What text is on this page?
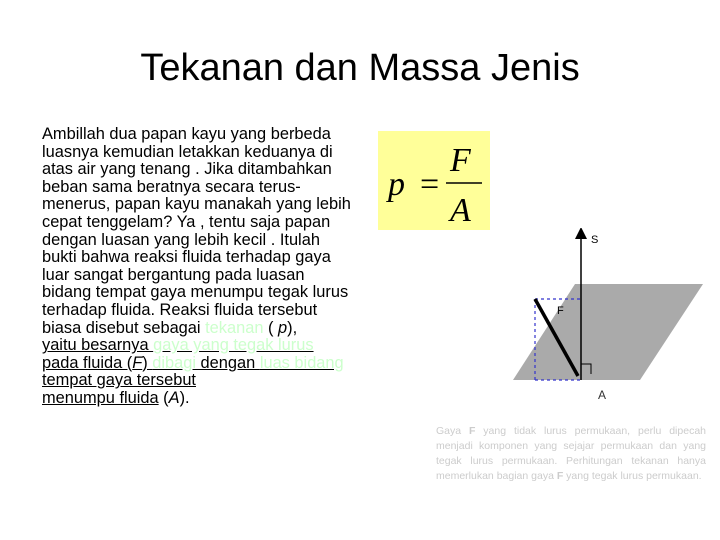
Tekanan dan Massa Jenis
Ambillah dua papan kayu yang berbeda luasnya kemudian letakkan keduanya di atas air yang tenang . Jika ditambahkan beban sama beratnya secara terus-menerus, papan kayu manakah yang lebih cepat tenggelam? Ya , tentu saja papan dengan luasan yang lebih kecil . Itulah bukti bahwa reaksi fluida terhadap gaya luar sangat bergantung pada luasan bidang tempat gaya menumpu tegak lurus terhadap fluida. Reaksi fluida tersebut biasa disebut sebagai tekanan ( p),
yaitu besarnya gaya yang tegak lurus
pada fluida (F) dibagi dengan luas bidang tempat gaya tersebut
menumpu fluida (A).
p =
F
A
S
F
A
Gaya F yang tidak lurus permukaan, perlu dipecah menjadi komponen yang sejajar permukaan dan yang tegak lurus permukaan. Perhitungan tekanan hanya memerlukan bagian gaya F yang tegak lurus permukaan.
